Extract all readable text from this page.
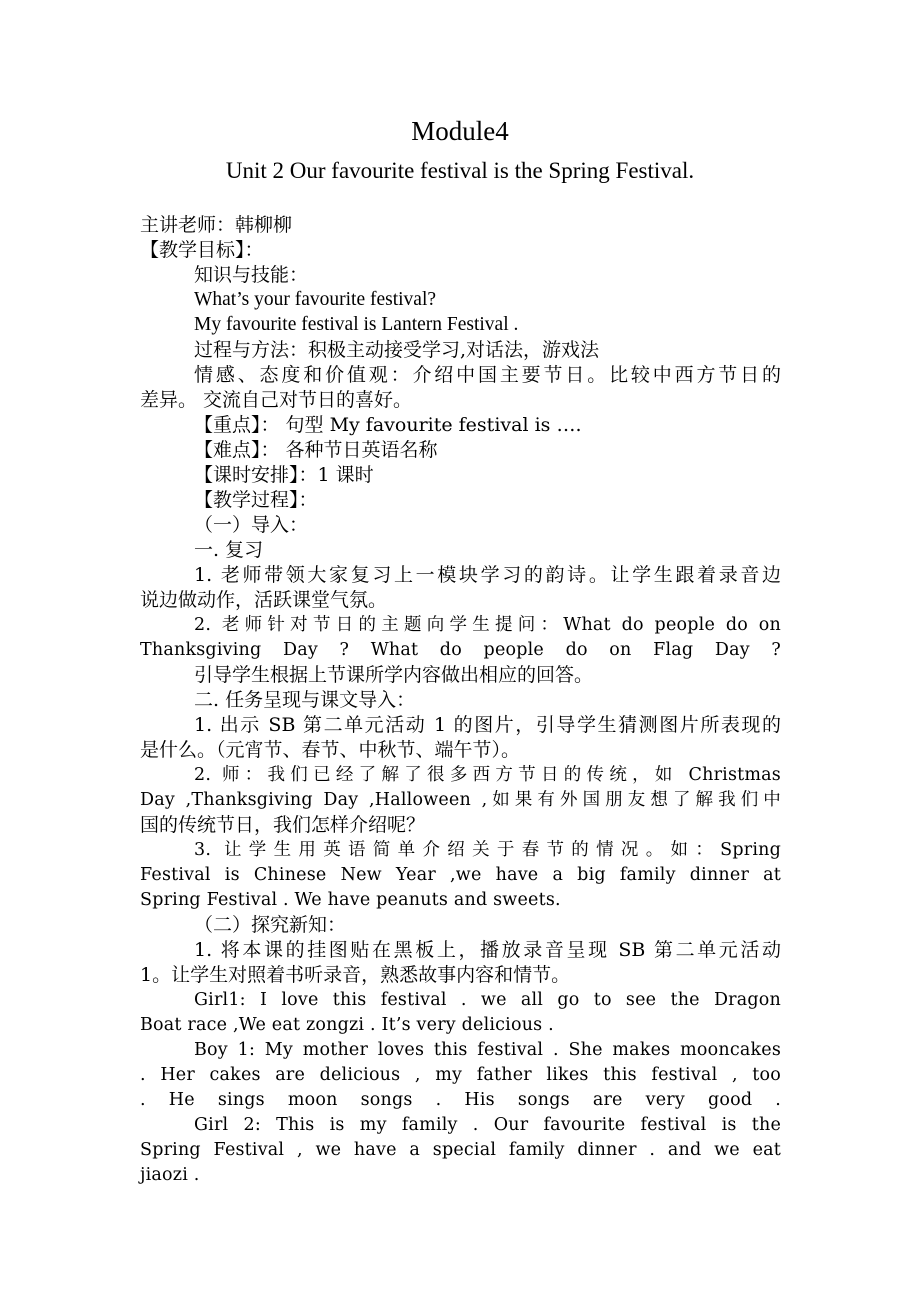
Module4
Unit 2 Our favourite festival is the Spring Festival.

主讲老师：韩柳柳

【教学目标】：

知识与技能：

What’s your favourite festival?

My favourite festival is Lantern Festival .

过程与方法：积极主动接受学习,对话法，游戏法

情感、态度和价值观：介绍中国主要节日。比较中西方节日的

差异。 交流自己对节日的喜好。

【重点】： 句型 My favourite festival is ….

【难点】： 各种节日英语名称

【课时安排】：1 课时

【教学过程】：

（一）导入：

一. 复习

1. 老师带领大家复习上一模块学习的韵诗。让学生跟着录音边

说边做动作，活跃课堂气氛。

2. 老师针对节日的主题向学生提问：What do people do on

Thanksgiving Day ? What do people do on Flag Day ?

引导学生根据上节课所学内容做出相应的回答。

二. 任务呈现与课文导入：

1. 出示 SB 第二单元活动 1 的图片，引导学生猜测图片所表现的

是什么。（元宵节、春节、中秋节、端午节）。

2. 师：我们已经了解了很多西方节日的传统，如 Christmas

Day ,Thanksgiving Day ,Halloween ,如果有外国朋友想了解我们中

国的传统节日，我们怎样介绍呢？

3. 让学生用英语简单介绍关于春节的情况。如：Spring

Festival is Chinese New Year ,we have a big family dinner at

Spring Festival . We have peanuts and sweets.

（二）探究新知：

1. 将本课的挂图贴在黑板上，播放录音呈现 SB 第二单元活动

1。让学生对照着书听录音，熟悉故事内容和情节。

Girl1: I love this festival . we all go to see the Dragon

Boat race ,We eat zongzi . It’s very delicious .

Boy 1: My mother loves this festival . She makes mooncakes

. Her cakes are delicious , my father likes this festival , too

. He sings moon songs . His songs are very good .

Girl 2: This is my family . Our favourite festival is the

Spring Festival , we have a special family dinner . and we eat

jiaozi .
